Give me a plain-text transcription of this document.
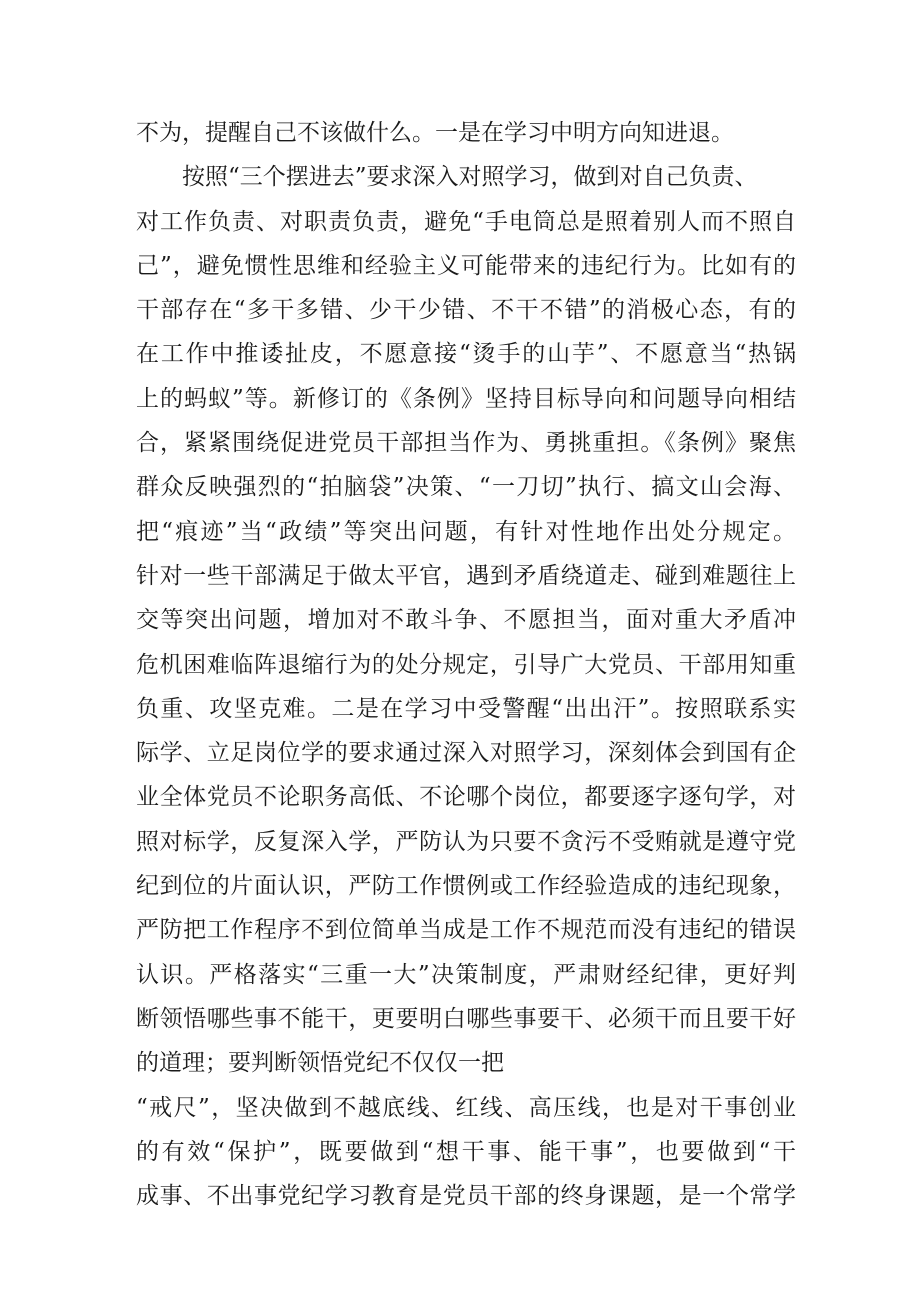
不为，提醒自己不该做什么。一是在学习中明方向知进退。
按照“三个摆进去”要求深入对照学习，做到对自己负责、
对工作负责、对职责负责，避免“手电筒总是照着别人而不照自
己”，避免惯性思维和经验主义可能带来的违纪行为。比如有的
干部存在“多干多错、少干少错、不干不错”的消极心态，有的
在工作中推诿扯皮，不愿意接“烫手的山芋”、不愿意当“热锅
上的蚂蚁”等。新修订的《条例》坚持目标导向和问题导向相结
合，紧紧围绕促进党员干部担当作为、勇挑重担。《条例》聚焦
群众反映强烈的“拍脑袋”决策、“一刀切”执行、搞文山会海、
把“痕迹”当“政绩”等突出问题，有针对性地作出处分规定。
针对一些干部满足于做太平官，遇到矛盾绕道走、碰到难题往上
交等突出问题，增加对不敢斗争、不愿担当，面对重大矛盾冲
危机困难临阵退缩行为的处分规定，引导广大党员、干部用知重
负重、攻坚克难。二是在学习中受警醒“出出汗”。按照联系实
际学、立足岗位学的要求通过深入对照学习，深刻体会到国有企
业全体党员不论职务高低、不论哪个岗位，都要逐字逐句学，对
照对标学，反复深入学，严防认为只要不贪污不受贿就是遵守党
纪到位的片面认识，严防工作惯例或工作经验造成的违纪现象，
严防把工作程序不到位简单当成是工作不规范而没有违纪的错误
认识。严格落实“三重一大”决策制度，严肃财经纪律，更好判
断领悟哪些事不能干，更要明白哪些事要干、必须干而且要干好
的道理；要判断领悟党纪不仅仅一把
“戒尺”，坚决做到不越底线、红线、高压线，也是对干事创业
的有效“保护”，既要做到“想干事、能干事”，也要做到“干
成事、不出事党纪学习教育是党员干部的终身课题，是一个常学
